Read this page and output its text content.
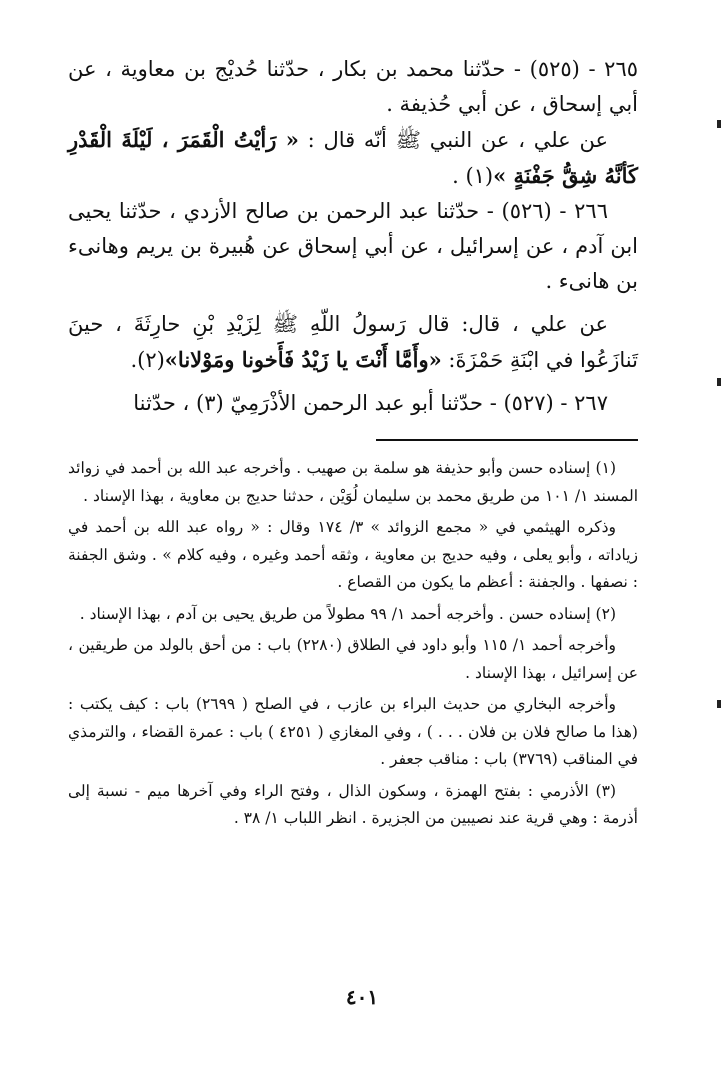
٢٦٥ - (٥٢٥) - حدّثنا محمد بن بكار ، حدّثنا حُديْج بن معاوية ، عن أبي إسحاق ، عن أبي حُذيفة .

عن علي ، عن النبي ﷺ أنّه قال : « رَأيْتُ الْقَمَرَ ، لَيْلَةَ الْقَدْرِ كَأنَّهُ شِقُّ جَفْنَةٍ »(١) .

٢٦٦ - (٥٢٦) - حدّثنا عبد الرحمن بن صالح الأزدي ، حدّثنا يحيى ابن آدم ، عن إسرائيل ، عن أبي إسحاق عن هُبيرة بن يريم وهانىء بن هانىء .

عن علي ، قال: قال رَسولُ اللّهِ ﷺ لِزَيْدِ بْنِ حارِثَةَ ، حينَ تَنازَعُوا في ابْنَةِ حَمْزَةَ: «وأَمَّا أَنْتَ يا زَيْدُ فَأَخونا ومَوْلانا»(٢).

٢٦٧ - (٥٢٧) - حدّثنا أبو عبد الرحمن الأذْرَمِيّ (٣) ، حدّثنا

(١) إسناده حسن وأبو حذيفة هو سلمة بن صهيب . وأخرجه عبد الله بن أحمد في زوائد المسند ١/ ١٠١ من طريق محمد بن سليمان لُوَيْن ، حدثنا حديج بن معاوية ، بهذا الإسناد .

وذكره الهيثمي في « مجمع الزوائد » ٣/ ١٧٤ وقال : « رواه عبد الله بن أحمد في زياداته ، وأبو يعلى ، وفيه حديج بن معاوية ، وثقه أحمد وغيره ، وفيه كلام » . وشق الجفنة : نصفها . والجفنة : أعظم ما يكون من القصاع .

(٢) إسناده حسن . وأخرجه أحمد ١/ ٩٩ مطولاً من طريق يحيى بن آدم ، بهذا الإسناد .

وأخرجه أحمد ١/ ١١٥ وأبو داود في الطلاق (٢٢٨٠) باب : من أحق بالولد من طريقين ، عن إسرائيل ، بهذا الإسناد .

وأخرجه البخاري من حديث البراء بن عازب ، في الصلح ( ٢٦٩٩) باب : كيف يكتب : (هذا ما صالح فلان بن فلان . . . ) ، وفي المغازي ( ٤٢٥١ ) باب : عمرة القضاء ، والترمذي في المناقب (٣٧٦٩) باب : مناقب جعفر .

(٣) الأذرمي : بفتح الهمزة ، وسكون الذال ، وفتح الراء وفي آخرها ميم - نسبة إلى أذرمة : وهي قرية عند نصيبين من الجزيرة . انظر اللباب ١/ ٣٨ .

٤٠١
